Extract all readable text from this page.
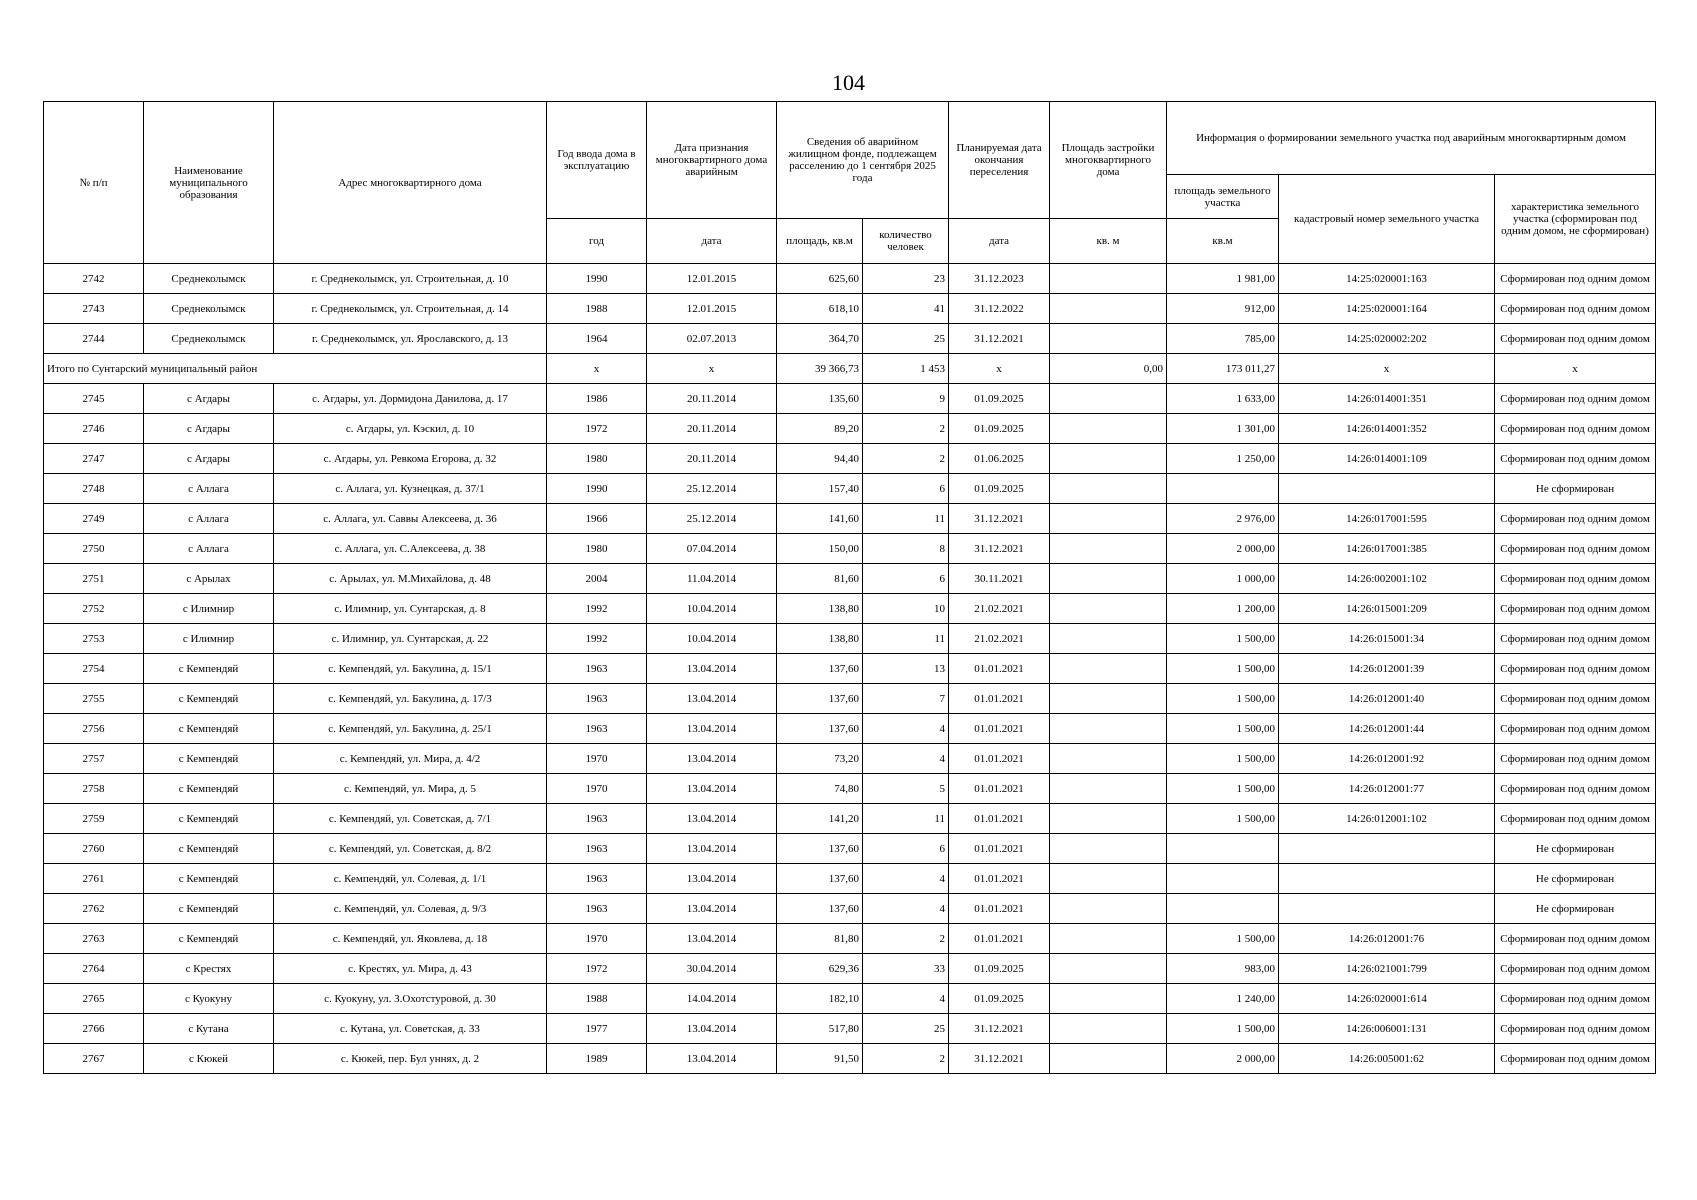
104
№ п/п	Наименование муниципального образования	Адрес многоквартирного дома	Год ввода дома в эксплуатацию	Дата признания многоквартирного дома аварийным	Сведения об аварийном жилищном фонде, подлежащем расселению до 1 сентября 2025 года		Планируемая дата окончания переселения	Площадь застройки многоквартирного дома	Информация о формировании земельного участка под аварийным многоквартирным домом		
									площадь земельного участка	кадастровый номер земельного участка	характеристика земельного участка (сформирован под одним домом, не сформирован)
			год	дата	площадь, кв.м	количество человек	дата	кв. м	кв.м		
2742	Среднеколымск	г. Среднеколымск, ул. Строительная, д. 10	1990	12.01.2015	625,60	23	31.12.2023		1 981,00	14:25:020001:163	Сформирован под одним домом
2743	Среднеколымск	г. Среднеколымск, ул. Строительная, д. 14	1988	12.01.2015	618,10	41	31.12.2022		912,00	14:25:020001:164	Сформирован под одним домом
2744	Среднеколымск	г. Среднеколымск, ул. Ярославского, д. 13	1964	02.07.2013	364,70	25	31.12.2021		785,00	14:25:020002:202	Сформирован под одним домом
Итого по Сунтарский муниципальный район			x	x	39 366,73	1 453	x	0,00	173 011,27	x	x
2745	с Агдары	с. Агдары, ул. Дормидона Данилова, д. 17	1986	20.11.2014	135,60	9	01.09.2025		1 633,00	14:26:014001:351	Сформирован под одним домом
2746	с Агдары	с. Агдары, ул. Кэскил, д. 10	1972	20.11.2014	89,20	2	01.09.2025		1 301,00	14:26:014001:352	Сформирован под одним домом
2747	с Агдары	с. Агдары, ул. Ревкома Егорова, д. 32	1980	20.11.2014	94,40	2	01.06.2025		1 250,00	14:26:014001:109	Сформирован под одним домом
2748	с Аллага	с. Аллага, ул. Кузнецкая, д. 37/1	1990	25.12.2014	157,40	6	01.09.2025				Не сформирован
2749	с Аллага	с. Аллага, ул. Саввы Алексеева, д. 36	1966	25.12.2014	141,60	11	31.12.2021		2 976,00	14:26:017001:595	Сформирован под одним домом
2750	с Аллага	с. Аллага, ул. С.Алексеева, д. 38	1980	07.04.2014	150,00	8	31.12.2021		2 000,00	14:26:017001:385	Сформирован под одним домом
2751	с Арылах	с. Арылах, ул. М.Михайлова, д. 48	2004	11.04.2014	81,60	6	30.11.2021		1 000,00	14:26:002001:102	Сформирован под одним домом
2752	с Илимнир	с. Илимнир, ул. Сунтарская, д. 8	1992	10.04.2014	138,80	10	21.02.2021		1 200,00	14:26:015001:209	Сформирован под одним домом
2753	с Илимнир	с. Илимнир, ул. Сунтарская, д. 22	1992	10.04.2014	138,80	11	21.02.2021		1 500,00	14:26:015001:34	Сформирован под одним домом
2754	с Кемпендяй	с. Кемпендяй, ул. Бакулина, д. 15/1	1963	13.04.2014	137,60	13	01.01.2021		1 500,00	14:26:012001:39	Сформирован под одним домом
2755	с Кемпендяй	с. Кемпендяй, ул. Бакулина, д. 17/3	1963	13.04.2014	137,60	7	01.01.2021		1 500,00	14:26:012001:40	Сформирован под одним домом
2756	с Кемпендяй	с. Кемпендяй, ул. Бакулина, д. 25/1	1963	13.04.2014	137,60	4	01.01.2021		1 500,00	14:26:012001:44	Сформирован под одним домом
2757	с Кемпендяй	с. Кемпендяй, ул. Мира, д. 4/2	1970	13.04.2014	73,20	4	01.01.2021		1 500,00	14:26:012001:92	Сформирован под одним домом
2758	с Кемпендяй	с. Кемпендяй, ул. Мира, д. 5	1970	13.04.2014	74,80	5	01.01.2021		1 500,00	14:26:012001:77	Сформирован под одним домом
2759	с Кемпендяй	с. Кемпендяй, ул. Советская, д. 7/1	1963	13.04.2014	141,20	11	01.01.2021		1 500,00	14:26:012001:102	Сформирован под одним домом
2760	с Кемпендяй	с. Кемпендяй, ул. Советская, д. 8/2	1963	13.04.2014	137,60	6	01.01.2021				Не сформирован
2761	с Кемпендяй	с. Кемпендяй, ул. Солевая, д. 1/1	1963	13.04.2014	137,60	4	01.01.2021				Не сформирован
2762	с Кемпендяй	с. Кемпендяй, ул. Солевая, д. 9/3	1963	13.04.2014	137,60	4	01.01.2021				Не сформирован
2763	с Кемпендяй	с. Кемпендяй, ул. Яковлева, д. 18	1970	13.04.2014	81,80	2	01.01.2021		1 500,00	14:26:012001:76	Сформирован под одним домом
2764	с Крестях	с. Крестях, ул. Мира, д. 43	1972	30.04.2014	629,36	33	01.09.2025		983,00	14:26:021001:799	Сформирован под одним домом
2765	с Куокуну	с. Куокуну, ул. З.Охотстуровой, д. 30	1988	14.04.2014	182,10	4	01.09.2025		1 240,00	14:26:020001:614	Сформирован под одним домом
2766	с Кутана	с. Кутана, ул. Советская, д. 33	1977	13.04.2014	517,80	25	31.12.2021		1 500,00	14:26:006001:131	Сформирован под одним домом
2767	с Кюкей	с. Кюкей, пер. Бул уннях, д. 2	1989	13.04.2014	91,50	2	31.12.2021		2 000,00	14:26:005001:62	Сформирован под одним домом
